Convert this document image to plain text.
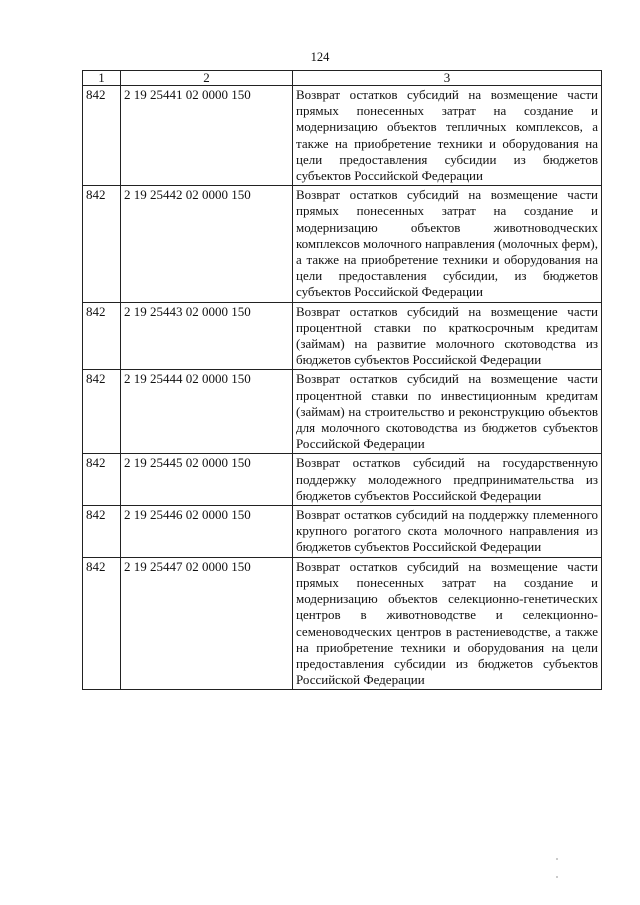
124
1	2	3
842	2 19 25441 02 0000 150	Возврат остатков субсидий на возмещение части прямых понесенных затрат на создание и модернизацию объектов тепличных комплексов, а также на приобретение техники и оборудования на цели предоставления субсидии из бюджетов субъектов Российской Федерации
842	2 19 25442 02 0000 150	Возврат остатков субсидий на возмещение части прямых понесенных затрат на создание и модернизацию объектов животноводческих комплексов молочного направления (молочных ферм), а также на приобретение техники и оборудования на цели предоставления субсидии, из бюджетов субъектов Российской Федерации
842	2 19 25443 02 0000 150	Возврат остатков субсидий на возмещение части процентной ставки по краткосрочным кредитам (займам) на развитие молочного скотоводства из бюджетов субъектов Российской Федерации
842	2 19 25444 02 0000 150	Возврат остатков субсидий на возмещение части процентной ставки по инвестиционным кредитам (займам) на строительство и реконструкцию объектов для молочного скотоводства из бюджетов субъектов Российской Федерации
842	2 19 25445 02 0000 150	Возврат остатков субсидий на государственную поддержку молодежного предпринимательства из бюджетов субъектов Российской Федерации
842	2 19 25446 02 0000 150	Возврат остатков субсидий на поддержку племенного крупного рогатого скота молочного направления из бюджетов субъектов Российской Федерации
842	2 19 25447 02 0000 150	Возврат остатков субсидий на возмещение части прямых понесенных затрат на создание и модернизацию объектов селекционно-генетических центров в животноводстве и селекционно-семеноводческих центров в растениеводстве, а также на приобретение техники и оборудования на цели предоставления субсидии из бюджетов субъектов Российской Федерации
